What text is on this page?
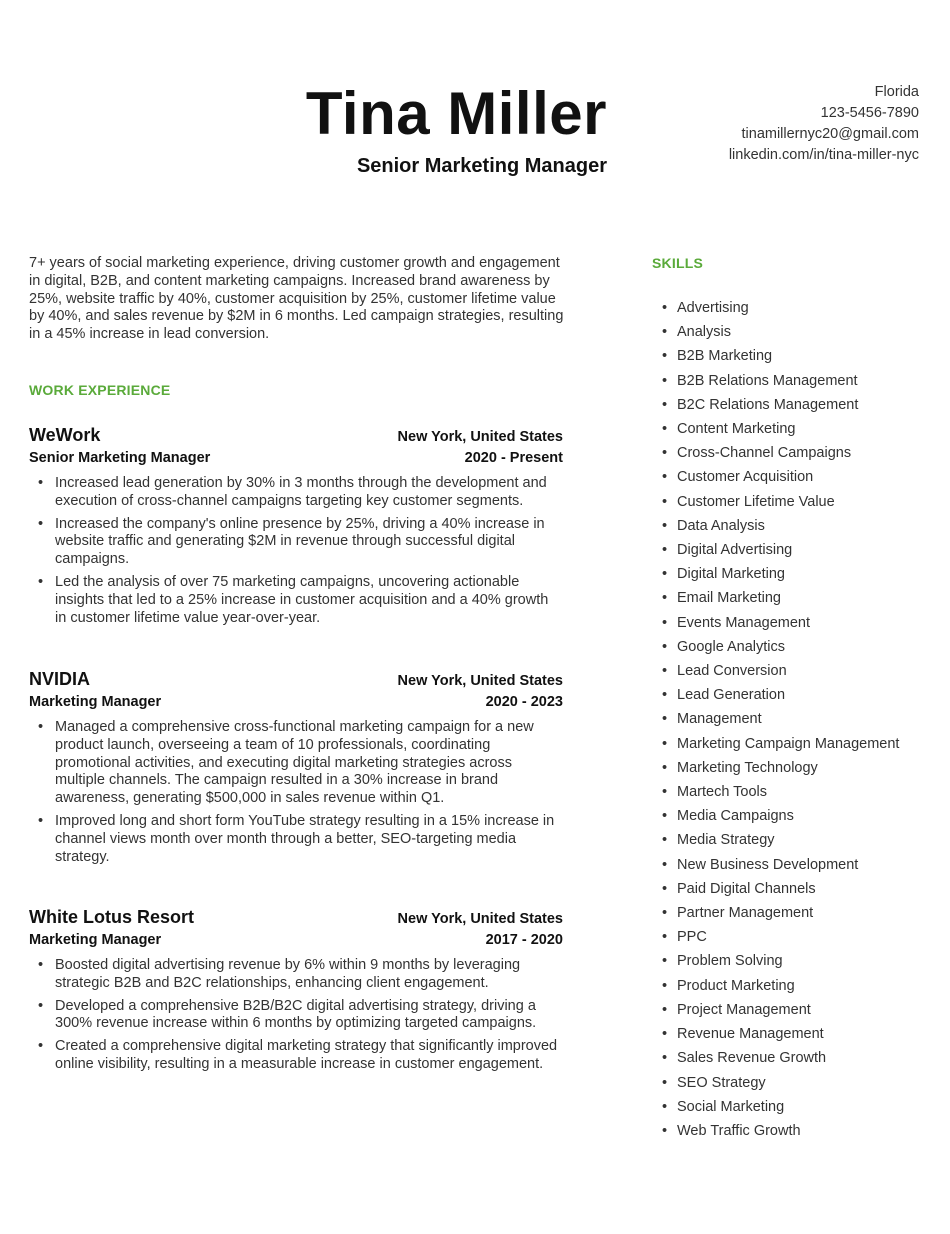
Tina Miller
Senior Marketing Manager
Florida
123-5456-7890
tinamillernyc20@gmail.com
linkedin.com/in/tina-miller-nyc
7+ years of social marketing experience, driving customer growth and engagement in digital, B2B, and content marketing campaigns. Increased brand awareness by 25%, website traffic by 40%, customer acquisition by 25%, customer lifetime value by 40%, and sales revenue by $2M in 6 months. Led campaign strategies, resulting in a 45% increase in lead conversion.
WORK EXPERIENCE
WeWork	New York, United States
Senior Marketing Manager	2020 - Present
• Increased lead generation by 30% in 3 months through the development and execution of cross-channel campaigns targeting key customer segments.
• Increased the company's online presence by 25%, driving a 40% increase in website traffic and generating $2M in revenue through successful digital campaigns.
• Led the analysis of over 75 marketing campaigns, uncovering actionable insights that led to a 25% increase in customer acquisition and a 40% growth in customer lifetime value year-over-year.
NVIDIA	New York, United States
Marketing Manager	2020 - 2023
• Managed a comprehensive cross-functional marketing campaign for a new product launch, overseeing a team of 10 professionals, coordinating promotional activities, and executing digital marketing strategies across multiple channels. The campaign resulted in a 30% increase in brand awareness, generating $500,000 in sales revenue within Q1.
• Improved long and short form YouTube strategy resulting in a 15% increase in channel views month over month through a better, SEO-targeting media strategy.
White Lotus Resort	New York, United States
Marketing Manager	2017 - 2020
• Boosted digital advertising revenue by 6% within 9 months by leveraging strategic B2B and B2C relationships, enhancing client engagement.
• Developed a comprehensive B2B/B2C digital advertising strategy, driving a 300% revenue increase within 6 months by optimizing targeted campaigns.
• Created a comprehensive digital marketing strategy that significantly improved online visibility, resulting in a measurable increase in customer engagement.
SKILLS
• Advertising
• Analysis
• B2B Marketing
• B2B Relations Management
• B2C Relations Management
• Content Marketing
• Cross-Channel Campaigns
• Customer Acquisition
• Customer Lifetime Value
• Data Analysis
• Digital Advertising
• Digital Marketing
• Email Marketing
• Events Management
• Google Analytics
• Lead Conversion
• Lead Generation
• Management
• Marketing Campaign Management
• Marketing Technology
• Martech Tools
• Media Campaigns
• Media Strategy
• New Business Development
• Paid Digital Channels
• Partner Management
• PPC
• Problem Solving
• Product Marketing
• Project Management
• Revenue Management
• Sales Revenue Growth
• SEO Strategy
• Social Marketing
• Web Traffic Growth
